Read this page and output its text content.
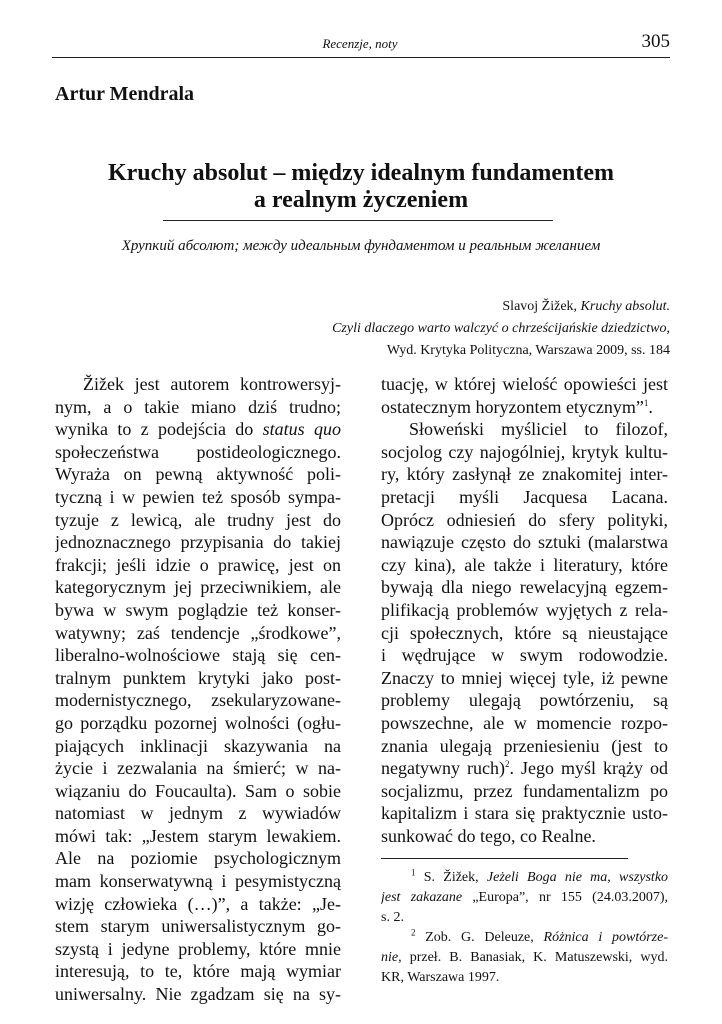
Recenzje, noty	305
Artur Mendrala
Kruchy absolut – między idealnym fundamentem
a realnym życzeniem
Хрупкий абсолют; между идеальным фундаментом и реальным желанием
Slavoj Žižek, Kruchy absolut.
Czyli dlaczego warto walczyć o chrześcijańskie dziedzictwo,
Wyd. Krytyka Polityczna, Warszawa 2009, ss. 184
Žižek jest autorem kontrowersyj-
nym, a o takie miano dziś trudno;
wynika to z podejścia do status quo
społeczeństwa postideologicznego.
Wyraża on pewną aktywność poli-
tyczną i w pewien też sposób sympa-
tyzuje z lewicą, ale trudny jest do
jednoznacznego przypisania do takiej
frakcji; jeśli idzie o prawicę, jest on
kategorycznym jej przeciwnikiem, ale
bywa w swym poglądzie też konser-
watywny; zaś tendencje „środkowe”,
liberalno-wolnościowe stają się cen-
tralnym punktem krytyki jako post-
modernistycznego, zsekularyzowane-
go porządku pozornej wolności (ogłu-
piających inklinacji skazywania na
życie i zezwalania na śmierć; w na-
wiązaniu do Foucaulta). Sam o sobie
natomiast w jednym z wywiadów
mówi tak: „Jestem starym lewakiem.
Ale na poziomie psychologicznym
mam konserwatywną i pesymistyczną
wizję człowieka (…)”, a także: „Je-
stem starym uniwersalistycznym go-
szystą i jedyne problemy, które mnie
interesują, to te, które mają wymiar
uniwersalny. Nie zgadzam się na sy-
tuację, w której wielość opowieści jest
ostatecznym horyzontem etycznym”$^1$.
Słoweński myśliciel to filozof,
socjolog czy najogólniej, krytyk kultu-
ry, który zasłynął ze znakomitej inter-
pretacji myśli Jacquesa Lacana.
Oprócz odniesień do sfery polityki,
nawiązuje często do sztuki (malarstwa
czy kina), ale także i literatury, które
bywają dla niego rewelacyjną egzem-
plifikacją problemów wyjętych z rela-
cji społecznych, które są nieustające
i wędrujące w swym rodowodzie.
Znaczy to mniej więcej tyle, iż pewne
problemy ulegają powtórzeniu, są
powszechne, ale w momencie rozpo-
znania ulegają przeniesieniu (jest to
negatywny ruch)$^2$. Jego myśl krąży od
socjalizmu, przez fundamentalizm po
kapitalizm i stara się praktycznie usto-
sunkować do tego, co Realne.
$^1$ S. Žižek, Jeżeli Boga nie ma, wszystko
jest zakazane „Europa”, nr 155 (24.03.2007),
s. 2.
$^2$ Zob. G. Deleuze, Różnica i powtórze-
nie, przeł. B. Banasiak, K. Matuszewski, wyd.
KR, Warszawa 1997.
